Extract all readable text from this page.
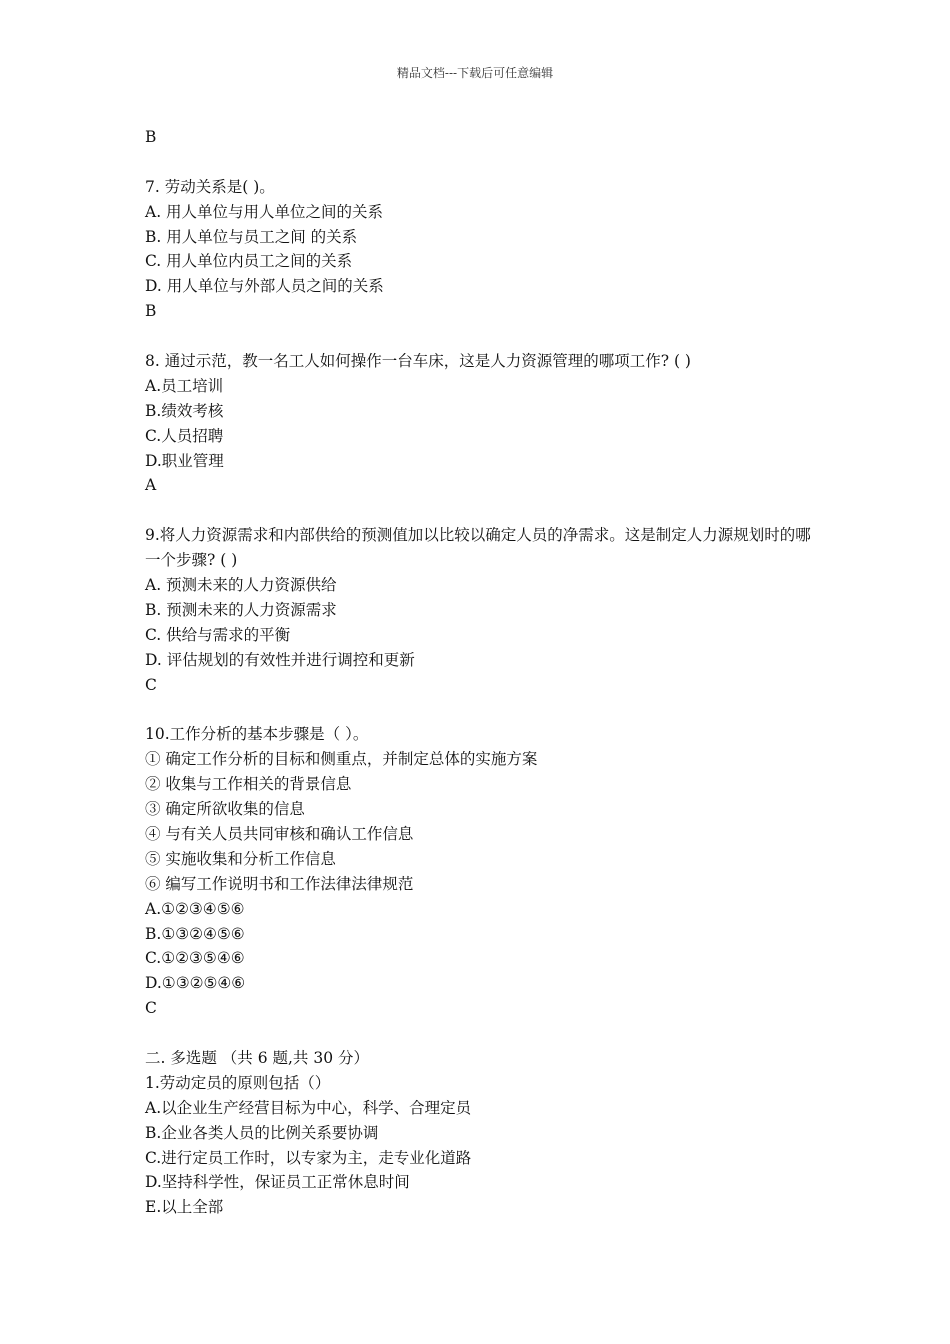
精品文档---下载后可任意编辑
B
7. 劳动关系是( )。
A. 用人单位与用人单位之间的关系
B. 用人单位与员工之间 的关系
C. 用人单位内员工之间的关系
D. 用人单位与外部人员之间的关系
B
8. 通过示范，教一名工人如何操作一台车床，这是人力资源管理的哪项工作? ( )
A.员工培训
B.绩效考核
C.人员招聘
D.职业管理
A
9.将人力资源需求和内部供给的预测值加以比较以确定人员的净需求。这是制定人力源规划时的哪一个步骤? ( )
A. 预测未来的人力资源供给
B. 预测未来的人力资源需求
C. 供给与需求的平衡
D. 评估规划的有效性并进行调控和更新
C
10.工作分析的基本步骤是（ ）。
① 确定工作分析的目标和侧重点，并制定总体的实施方案
② 收集与工作相关的背景信息
③ 确定所欲收集的信息
④ 与有关人员共同审核和确认工作信息
⑤ 实施收集和分析工作信息
⑥ 编写工作说明书和工作法律法律规范
A.①②③④⑤⑥
B.①③②④⑤⑥
C.①②③⑤④⑥
D.①③②⑤④⑥
C
二. 多选题 （共 6 题,共 30 分）
1.劳动定员的原则包括（）
A.以企业生产经营目标为中心，科学、合理定员
B.企业各类人员的比例关系要协调
C.进行定员工作时，以专家为主，走专业化道路
D.坚持科学性，保证员工正常休息时间
E.以上全部
